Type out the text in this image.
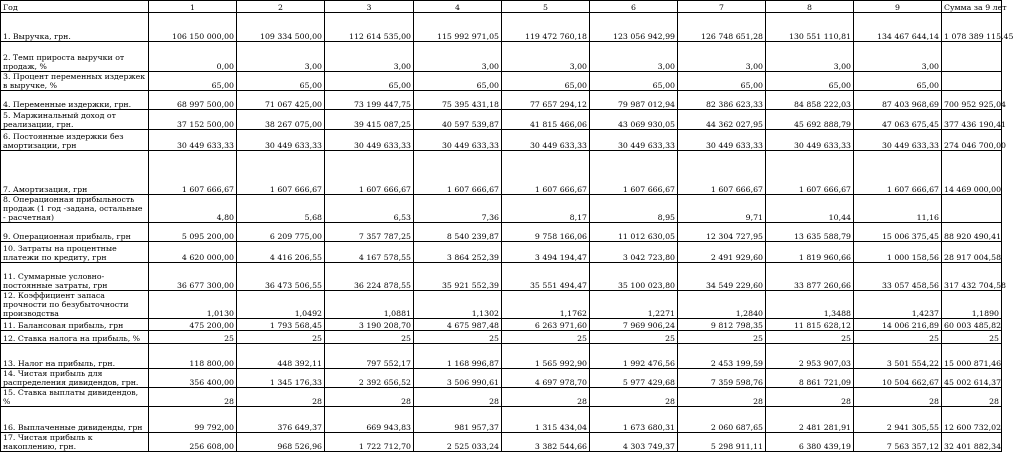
Год	1	2	3	4	5	6	7	8	9	Сумма за 9 лет
1. Выручка, грн.	106 150 000,00	109 334 500,00	112 614 535,00	115 992 971,05	119 472 760,18	123 056 942,99	126 748 651,28	130 551 110,81	134 467 644,14	1 078 389 115,45
2. Темп прироста выручки от продаж, %	0,00	3,00	3,00	3,00	3,00	3,00	3,00	3,00	3,00	
3. Процент переменных издержек в выручке, %	65,00	65,00	65,00	65,00	65,00	65,00	65,00	65,00	65,00	
4. Переменные издержки, грн.	68 997 500,00	71 067 425,00	73 199 447,75	75 395 431,18	77 657 294,12	79 987 012,94	82 386 623,33	84 858 222,03	87 403 968,69	700 952 925,04
5. Маржинальный доход от реализации, грн.	37 152 500,00	38 267 075,00	39 415 087,25	40 597 539,87	41 815 466,06	43 069 930,05	44 362 027,95	45 692 888,79	47 063 675,45	377 436 190,41
6. Постоянные издержки без амортизации, грн	30 449 633,33	30 449 633,33	30 449 633,33	30 449 633,33	30 449 633,33	30 449 633,33	30 449 633,33	30 449 633,33	30 449 633,33	274 046 700,00
7. Амортизация, грн	1 607 666,67	1 607 666,67	1 607 666,67	1 607 666,67	1 607 666,67	1 607 666,67	1 607 666,67	1 607 666,67	1 607 666,67	14 469 000,00
8. Операционная прибыльность продаж (1 год -задана, остальные - расчетная)	4,80	5,68	6,53	7,36	8,17	8,95	9,71	10,44	11,16	
9. Операционная прибыль, грн	5 095 200,00	6 209 775,00	7 357 787,25	8 540 239,87	9 758 166,06	11 012 630,05	12 304 727,95	13 635 588,79	15 006 375,45	88 920 490,41
10. Затраты на процентные платежи по кредиту, грн	4 620 000,00	4 416 206,55	4 167 578,55	3 864 252,39	3 494 194,47	3 042 723,80	2 491 929,60	1 819 960,66	1 000 158,56	28 917 004,58
11. Суммарные условно-постоянные затраты, грн	36 677 300,00	36 473 506,55	36 224 878,55	35 921 552,39	35 551 494,47	35 100 023,80	34 549 229,60	33 877 260,66	33 057 458,56	317 432 704,58
12. Коэффициент запаса прочности по безубыточности производства	1,0130	1,0492	1,0881	1,1302	1,1762	1,2271	1,2840	1,3488	1,4237	1,1890
11. Балансовая прибыль, грн	475 200,00	1 793 568,45	3 190 208,70	4 675 987,48	6 263 971,60	7 969 906,24	9 812 798,35	11 815 628,12	14 006 216,89	60 003 485,82
12. Ставка налога на прибыль, %	25	25	25	25	25	25	25	25	25	25
13. Налог на прибыль, грн.	118 800,00	448 392,11	797 552,17	1 168 996,87	1 565 992,90	1 992 476,56	2 453 199,59	2 953 907,03	3 501 554,22	15 000 871,46
14. Чистая прибыль для распределения дивидендов, грн.	356 400,00	1 345 176,33	2 392 656,52	3 506 990,61	4 697 978,70	5 977 429,68	7 359 598,76	8 861 721,09	10 504 662,67	45 002 614,37
15. Ставка выплаты дивидендов, %	28	28	28	28	28	28	28	28	28	28
16. Выплаченные дивиденды, грн	99 792,00	376 649,37	669 943,83	981 957,37	1 315 434,04	1 673 680,31	2 060 687,65	2 481 281,91	2 941 305,55	12 600 732,02
17. Чистая прибыль к накоплению, грн.	256 608,00	968 526,96	1 722 712,70	2 525 033,24	3 382 544,66	4 303 749,37	5 298 911,11	6 380 439,19	7 563 357,12	32 401 882,34
